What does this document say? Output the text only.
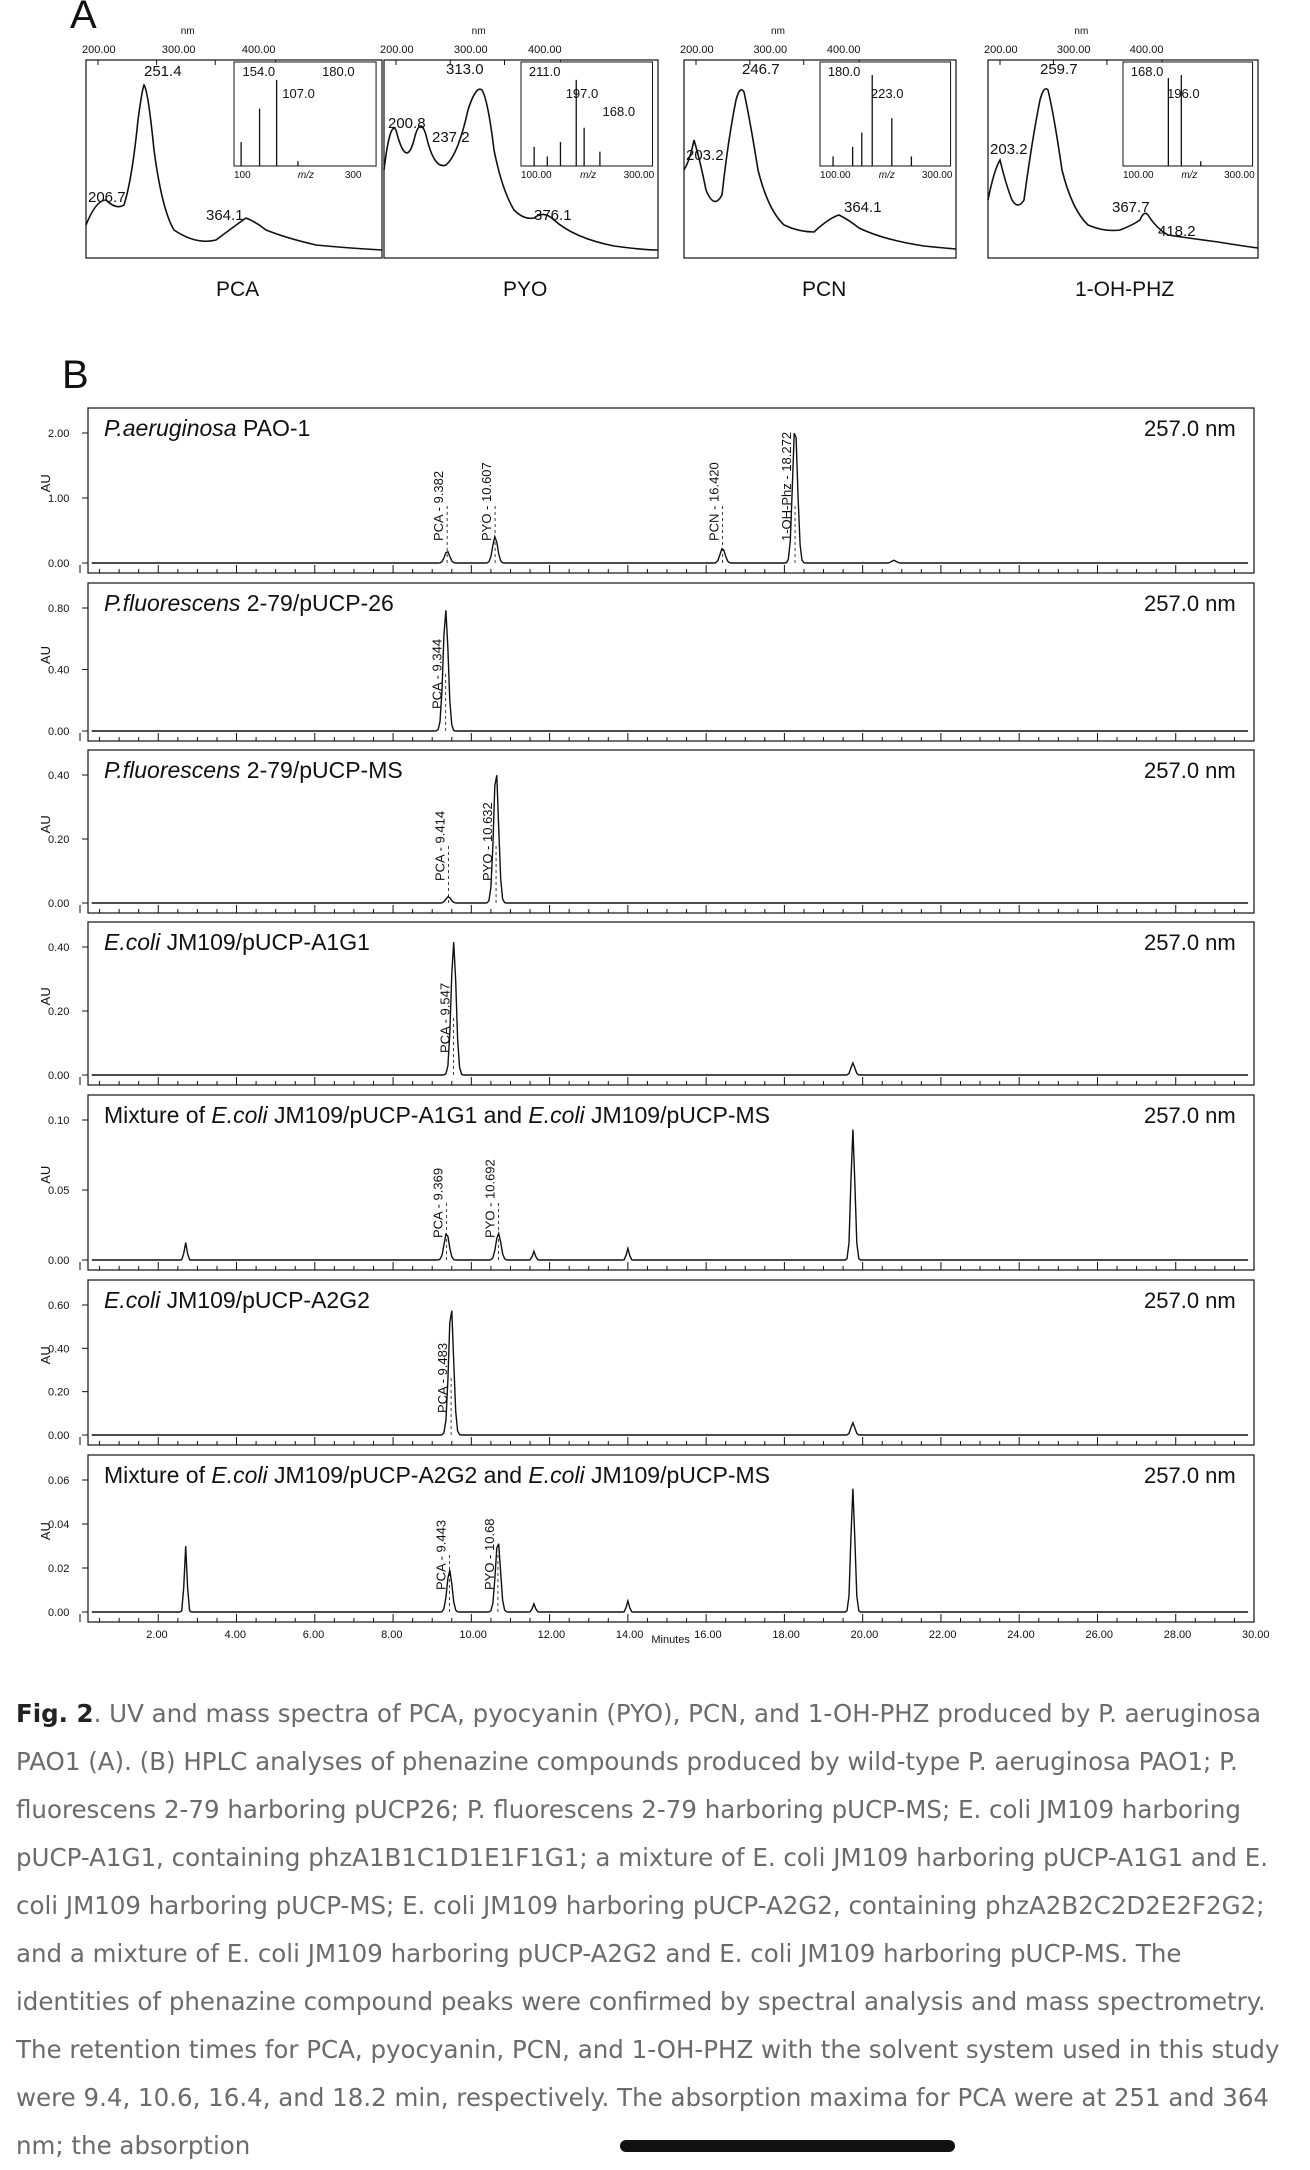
A	nm
200.00	300.00	400.00
100	m/z	300
154.0
107.0
180.0
251.4
206.7
364.1
PCA
nm
200.00	300.00	400.00
100.00	m/z	300.00
211.0
197.0
168.0
313.0
200.8
237.2
376.1
PYO
nm
200.00	300.00	400.00
100.00	m/z	300.00
180.0
223.0
246.7
203.2
364.1
PCN
nm
200.00	300.00	400.00
100.00	m/z	300.00
168.0
196.0
259.7
203.2
367.7
418.2
1-OH-PHZ
B
AU
2.00
1.00
0.00
PCA - 9.382	PYO - 10.607	PCN - 16.420	1-OH-Phz - 18.272
P.aeruginosa PAO-1	257.0 nm
AU
0.80
0.40
0.00
PCA - 9.344
P.fluorescens 2-79/pUCP-26	257.0 nm
AU
0.40
0.20
0.00
PCA - 9.414	PYO - 10.632
P.fluorescens 2-79/pUCP-MS	257.0 nm
AU
0.40
0.20
0.00
PCA - 9.547
E.coli JM109/pUCP-A1G1	257.0 nm
AU
0.10
0.05
0.00
PCA - 9.369	PYO - 10.692
Mixture of E.coli JM109/pUCP-A1G1 and E.coli JM109/pUCP-MS	257.0 nm
AU
0.60
0.40
0.20
0.00
PCA - 9.483
E.coli JM109/pUCP-A2G2	257.0 nm
AU
0.06
0.04
0.02
0.00
PCA - 9.443	PYO - 10.68
Mixture of E.coli JM109/pUCP-A2G2 and E.coli JM109/pUCP-MS	257.0 nm
2.00	4.00	6.00	8.00	10.00	12.00	14.00	16.00	18.00	20.00	22.00	24.00	26.00	28.00	30.00
Minutes
Fig. 2. UV and mass spectra of PCA, pyocyanin (PYO), PCN, and 1-OH-PHZ produced by P. aeruginosa PAO1 (A). (B) HPLC analyses of phenazine compounds produced by wild-type P. aeruginosa PAO1; P. fluorescens 2-79 harboring pUCP26; P. fluorescens 2-79 harboring pUCP-MS; E. coli JM109 harboring pUCP-A1G1, containing phzA1B1C1D1E1F1G1; a mixture of E. coli JM109 harboring pUCP-A1G1 and E. coli JM109 harboring pUCP-MS; E. coli JM109 harboring pUCP-A2G2, containing phzA2B2C2D2E2F2G2; and a mixture of E. coli JM109 harboring pUCP-A2G2 and E. coli JM109 harboring pUCP-MS. The identities of phenazine compound peaks were confirmed by spectral analysis and mass spectrometry. The retention times for PCA, pyocyanin, PCN, and 1-OH-PHZ with the solvent system used in this study were 9.4, 10.6, 16.4, and 18.2 min, respectively. The absorption maxima for PCA were at 251 and 364 nm; the absorption
